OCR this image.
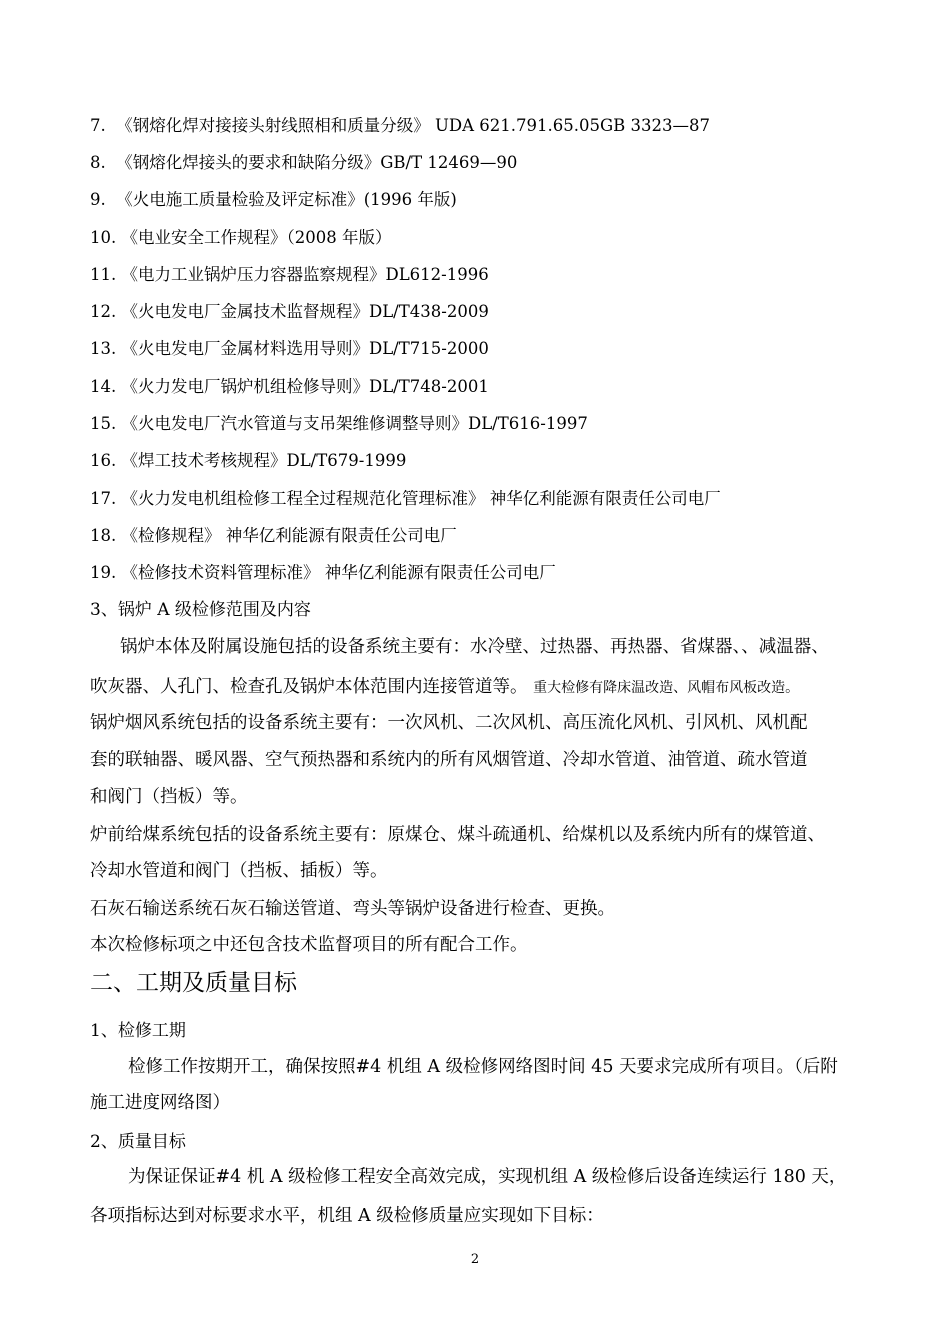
7. 《钢熔化焊对接接头射线照相和质量分级》 UDA 621.791.65.05GB 3323—87
8. 《钢熔化焊接头的要求和缺陷分级》GB/T 12469—90
9. 《火电施工质量检验及评定标准》(1996 年版)
10. 《电业安全工作规程》（2008 年版）
11. 《电力工业锅炉压力容器监察规程》DL612-1996
12. 《火电发电厂金属技术监督规程》DL/T438-2009
13. 《火电发电厂金属材料选用导则》DL/T715-2000
14. 《火力发电厂锅炉机组检修导则》DL/T748-2001
15. 《火电发电厂汽水管道与支吊架维修调整导则》DL/T616-1997
16. 《焊工技术考核规程》DL/T679-1999
17. 《火力发电机组检修工程全过程规范化管理标准》 神华亿利能源有限责任公司电厂
18. 《检修规程》 神华亿利能源有限责任公司电厂
19. 《检修技术资料管理标准》 神华亿利能源有限责任公司电厂
3、锅炉 A 级检修范围及内容
锅炉本体及附属设施包括的设备系统主要有：水冷壁、过热器、再热器、省煤器、、减温器、
吹灰器、人孔门、检查孔及锅炉本体范围内连接管道等。 重大检修有降床温改造、风帽布风板改造。
锅炉烟风系统包括的设备系统主要有：一次风机、二次风机、高压流化风机、引风机、风机配
套的联轴器、暖风器、空气预热器和系统内的所有风烟管道、冷却水管道、油管道、疏水管道
和阀门（挡板）等。
炉前给煤系统包括的设备系统主要有：原煤仓、煤斗疏通机、给煤机以及系统内所有的煤管道、
冷却水管道和阀门（挡板、插板）等。
石灰石输送系统石灰石输送管道、弯头等锅炉设备进行检查、更换。
本次检修标项之中还包含技术监督项目的所有配合工作。
二、工期及质量目标
1、检修工期
检修工作按期开工，确保按照#4 机组 A 级检修网络图时间 45 天要求完成所有项目。（后附
施工进度网络图）
2、质量目标
为保证保证#4 机 A 级检修工程安全高效完成，实现机组 A 级检修后设备连续运行 180 天，
各项指标达到对标要求水平，机组 A 级检修质量应实现如下目标：
2
